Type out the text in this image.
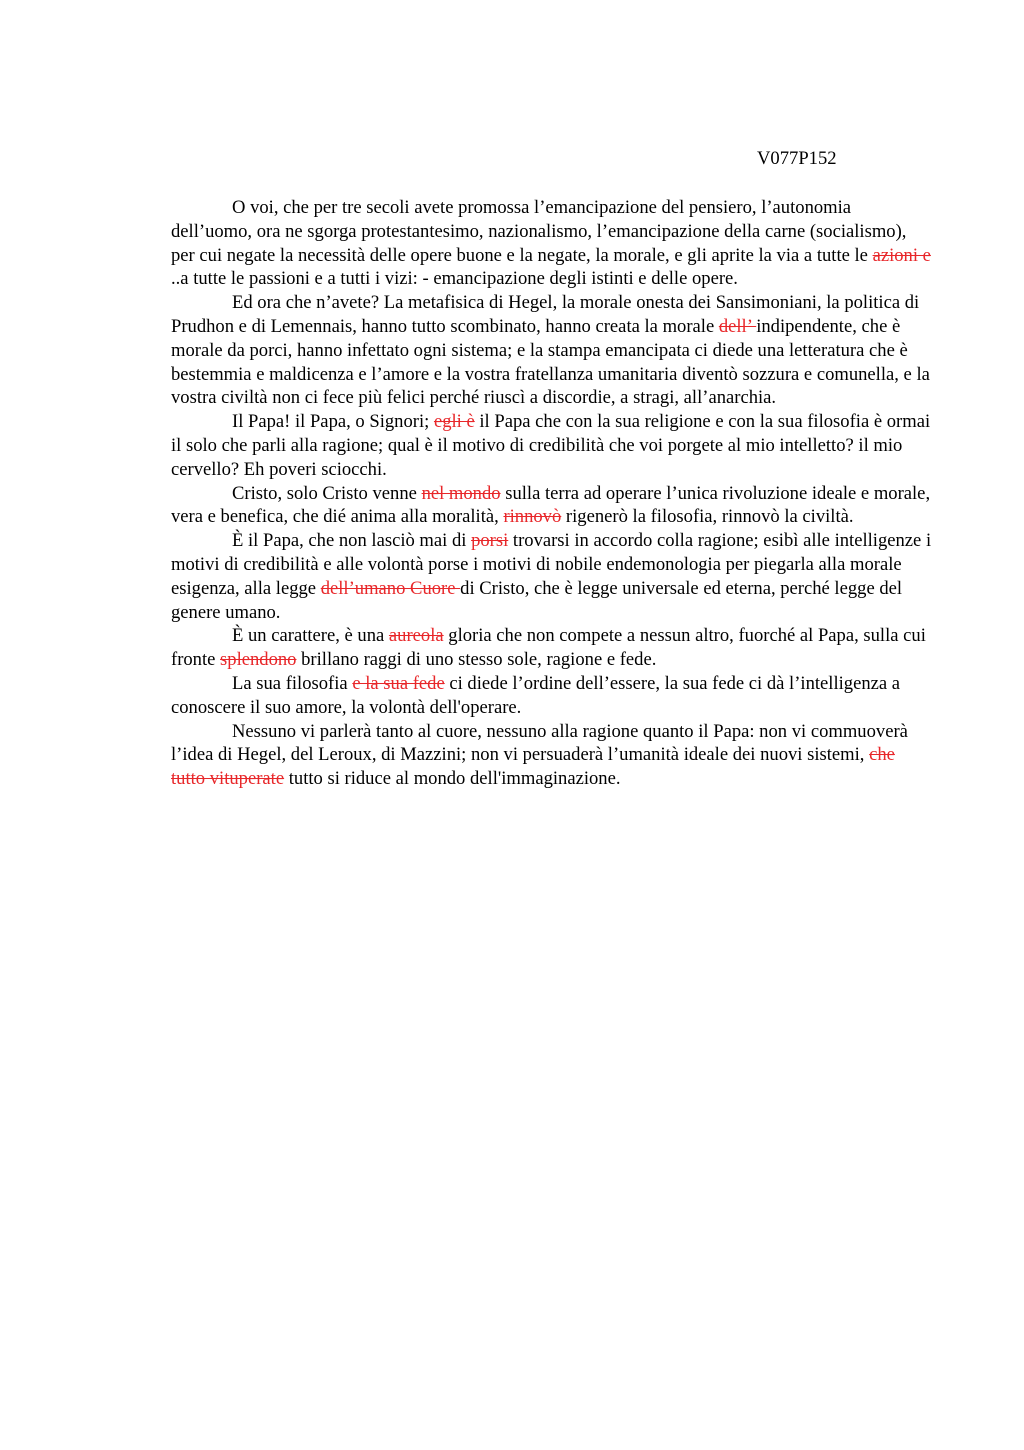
V077P152

O voi, che per tre secoli avete promossa l’emancipazione del pensiero, l’autonomia dell’uomo, ora ne sgorga protestantesimo, nazionalismo, l’emancipazione della carne (socialismo), per cui negate la necessità delle opere buone e la negate, la morale, e gli aprite la via a tutte le azioni e ..a tutte le passioni e a tutti i vizi: - emancipazione degli istinti e delle opere.

Ed ora che n’avete? La metafisica di Hegel, la morale onesta dei Sansimoniani, la politica di Prudhon e di Lemennais, hanno tutto scombinato, hanno creata la morale dell’ indipendente, che è morale da porci, hanno infettato ogni sistema; e la stampa emancipata ci diede una letteratura che è bestemmia e maldicenza e l’amore e la vostra fratellanza umanitaria diventò sozzura e comunella, e la vostra civiltà non ci fece più felici perché riuscì a discordie, a stragi, all’anarchia.

Il Papa! il Papa, o Signori; egli è il Papa che con la sua religione e con la sua filosofia è ormai il solo che parli alla ragione; qual è il motivo di credibilità che voi porgete al mio intelletto? il mio cervello? Eh poveri sciocchi.

Cristo, solo Cristo venne nel mondo sulla terra ad operare l’unica rivoluzione ideale e morale, vera e benefica, che dié anima alla moralità, rinnovò rigenerò la filosofia, rinnovò la civiltà.

È il Papa, che non lasciò mai di porsi trovarsi in accordo colla ragione; esibì alle intelligenze i motivi di credibilità e alle volontà porse i motivi di nobile endemonologia per piegarla alla morale esigenza, alla legge dell’umano Cuore di Cristo, che è legge universale ed eterna, perché legge del genere umano.

È un carattere, è una aureola gloria che non compete a nessun altro, fuorché al Papa, sulla cui fronte splendono brillano raggi di uno stesso sole, ragione e fede.

La sua filosofia e la sua fede ci diede l’ordine dell’essere, la sua fede ci dà l’intelligenza a conoscere il suo amore, la volontà dell'operare.

Nessuno vi parlerà tanto al cuore, nessuno alla ragione quanto il Papa: non vi commuoverà l’idea di Hegel, del Leroux, di Mazzini; non vi persuaderà l’umanità ideale dei nuovi sistemi, che tutto vituperate tutto si riduce al mondo dell'immaginazione.
